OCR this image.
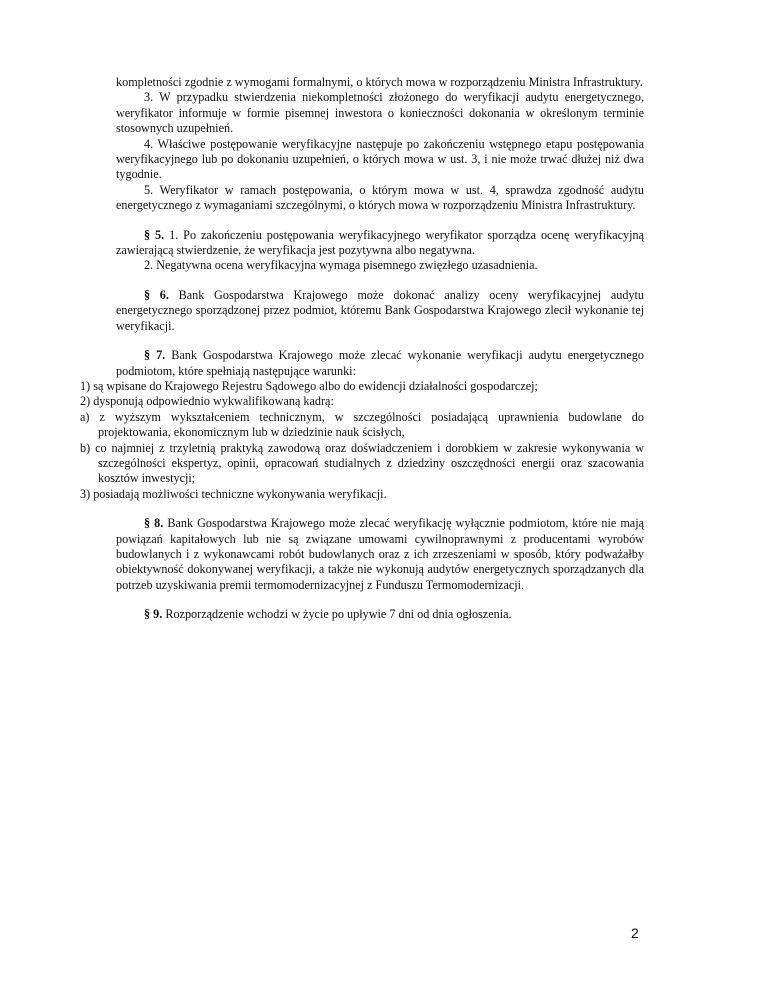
kompletności zgodnie z wymogami formalnymi, o których mowa w rozporządzeniu Ministra Infrastruktury.

3. W przypadku stwierdzenia niekompletności złożonego do weryfikacji audytu energetycznego, weryfikator informuje w formie pisemnej inwestora o konieczności dokonania w określonym terminie stosownych uzupełnień.

4. Właściwe postępowanie weryfikacyjne następuje po zakończeniu wstępnego etapu postępowania weryfikacyjnego lub po dokonaniu uzupełnień, o których mowa w ust. 3, i nie może trwać dłużej niż dwa tygodnie.

5. Weryfikator w ramach postępowania, o którym mowa w ust. 4, sprawdza zgodność audytu energetycznego z wymaganiami szczególnymi, o których mowa w rozporządzeniu Ministra Infrastruktury.

§ 5. 1. Po zakończeniu postępowania weryfikacyjnego weryfikator sporządza ocenę weryfikacyjną zawierającą stwierdzenie, że weryfikacja jest pozytywna albo negatywna.

2. Negatywna ocena weryfikacyjna wymaga pisemnego zwięzłego uzasadnienia.

§ 6. Bank Gospodarstwa Krajowego może dokonać analizy oceny weryfikacyjnej audytu energetycznego sporządzonej przez podmiot, któremu Bank Gospodarstwa Krajowego zlecił wykonanie tej weryfikacji.

§ 7. Bank Gospodarstwa Krajowego może zlecać wykonanie weryfikacji audytu energetycznego podmiotom, które spełniają następujące warunki:

1) są wpisane do Krajowego Rejestru Sądowego albo do ewidencji działalności gospodarczej;

2) dysponują odpowiednio wykwalifikowaną kadrą:

a) z wyższym wykształceniem technicznym, w szczególności posiadającą uprawnienia budowlane do projektowania, ekonomicznym lub w dziedzinie nauk ścisłych,

b) co najmniej z trzyletnią praktyką zawodową oraz doświadczeniem i dorobkiem w zakresie wykonywania w szczególności ekspertyz, opinii, opracowań studialnych z dziedziny oszczędności energii oraz szacowania kosztów inwestycji;

3) posiadają możliwości techniczne wykonywania weryfikacji.

§ 8. Bank Gospodarstwa Krajowego może zlecać weryfikację wyłącznie podmiotom, które nie mają powiązań kapitałowych lub nie są związane umowami cywilnoprawnymi z producentami wyrobów budowlanych i z wykonawcami robót budowlanych oraz z ich zrzeszeniami w sposób, który podważałby obiektywność dokonywanej weryfikacji, a także nie wykonują audytów energetycznych sporządzanych dla potrzeb uzyskiwania premii termomodernizacyjnej z Funduszu Termomodernizacji.

§ 9. Rozporządzenie wchodzi w życie po upływie 7 dni od dnia ogłoszenia.

2
